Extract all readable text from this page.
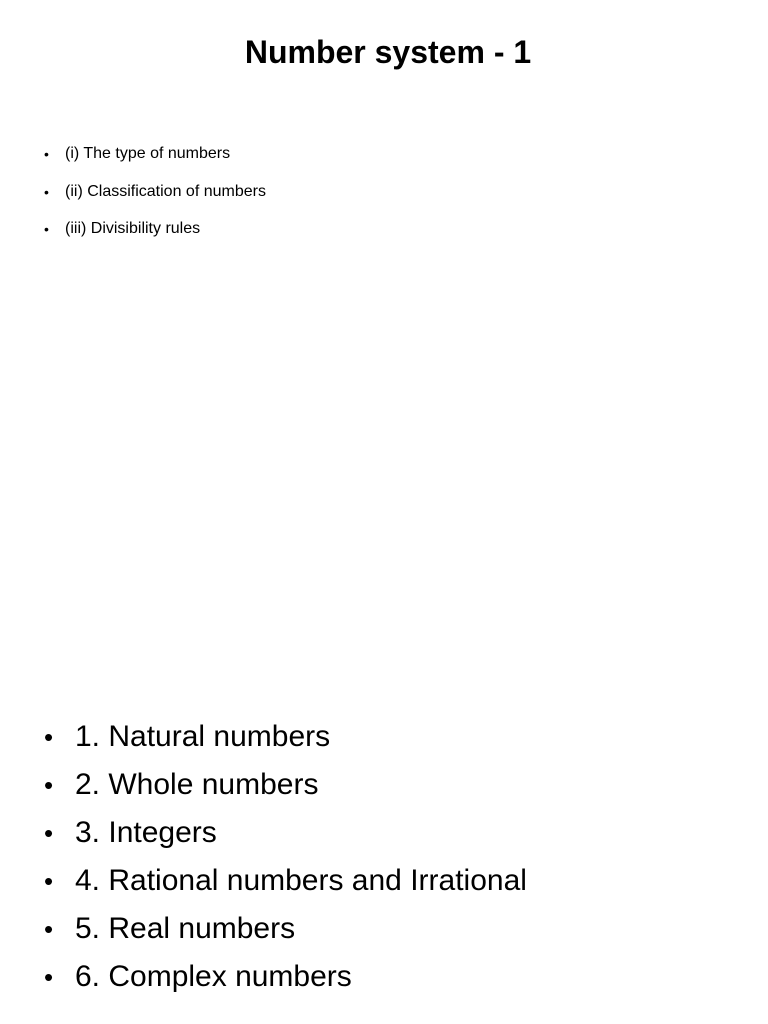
Number system - 1
• (i) The type of numbers
• (ii) Classification of numbers
• (iii) Divisibility rules
• 1. Natural numbers
• 2. Whole numbers
• 3. Integers
• 4. Rational numbers and Irrational
• 5. Real numbers
• 6. Complex numbers
